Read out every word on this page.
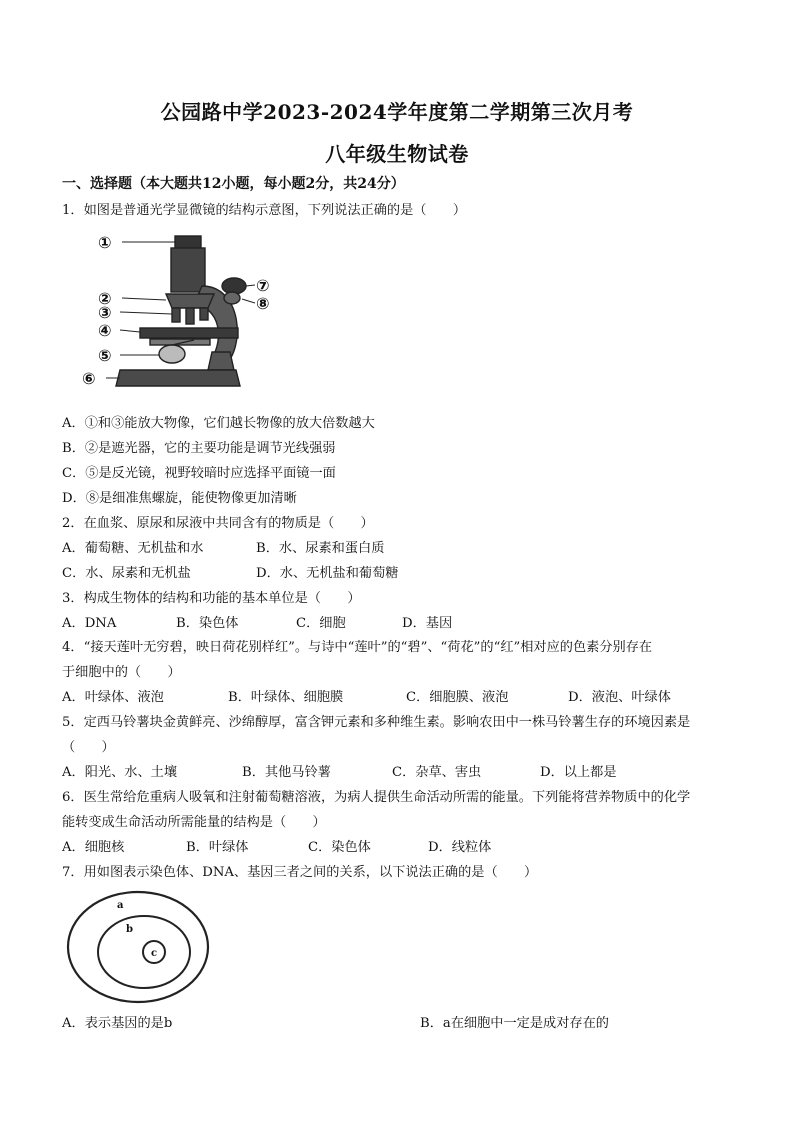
公园路中学2023-2024学年度第二学期第三次月考
八年级生物试卷
一、选择题（本大题共12小题，每小题2分，共24分）
1．如图是普通光学显微镜的结构示意图，下列说法正确的是（　　）
①
②
③
④
⑤
⑥
⑦
⑧
A．①和③能放大物像，它们越长物像的放大倍数越大
B．②是遮光器，它的主要功能是调节光线强弱
C．⑤是反光镜，视野较暗时应选择平面镜一面
D．⑧是细准焦螺旋，能使物像更加清晰
2．在血浆、原尿和尿液中共同含有的物质是（　　）
A．葡萄糖、无机盐和水	B．水、尿素和蛋白质
C．水、尿素和无机盐	D．水、无机盐和葡萄糖
3．构成生物体的结构和功能的基本单位是（　　）
A．DNA	B．染色体	C．细胞	D．基因
4．“接天莲叶无穷碧，映日荷花别样红”。与诗中“莲叶”的“碧”、“荷花”的“红”相对应的色素分别存在
于细胞中的（　　）
A．叶绿体、液泡	B．叶绿体、细胞膜	C．细胞膜、液泡	D．液泡、叶绿体
5．定西马铃薯块金黄鲜亮、沙绵醇厚，富含钾元素和多种维生素。影响农田中一株马铃薯生存的环境因素是
（　　）
A．阳光、水、土壤	B．其他马铃薯	C．杂草、害虫	D．以上都是
6．医生常给危重病人吸氧和注射葡萄糖溶液，为病人提供生命活动所需的能量。下列能将营养物质中的化学
能转变成生命活动所需能量的结构是（　　）
A．细胞核	B．叶绿体	C．染色体	D．线粒体
7．用如图表示染色体、DNA、基因三者之间的关系，以下说法正确的是（　　）
a
b
c
A．表示基因的是b	B．a在细胞中一定是成对存在的
